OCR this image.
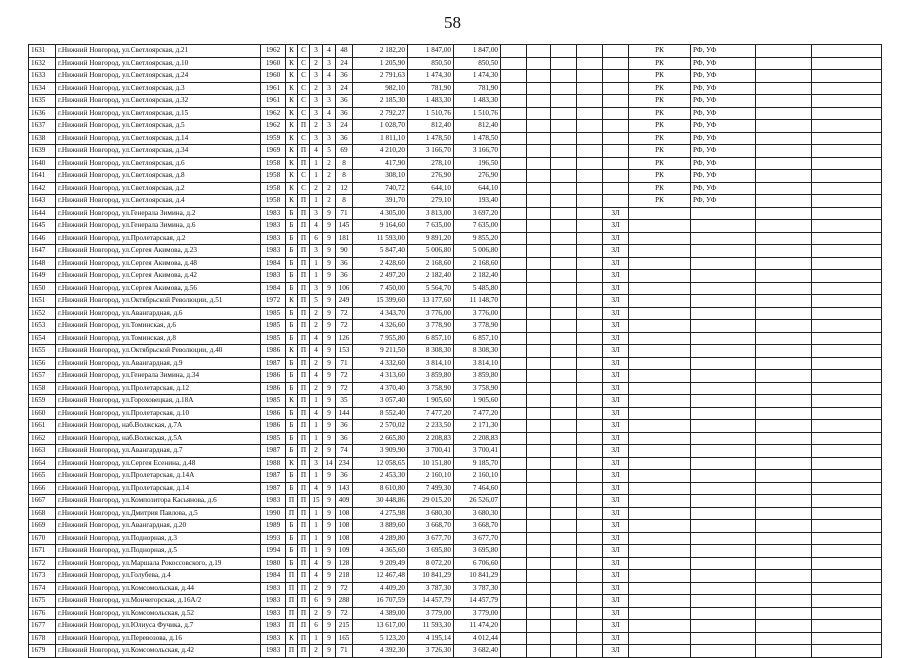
58
1631	г.Нижний Новгород, ул.Светлоярская, д.21	1962	К	С	3	4	48	2 182,20	1 847,00	1 847,00						РК	РФ, УФ		
1632	г.Нижний Новгород, ул.Светлоярская, д.10	1960	К	С	2	3	24	1 205,90	850,50	850,50						РК	РФ, УФ		
1633	г.Нижний Новгород, ул.Светлоярская, д.24	1960	К	С	3	4	36	2 791,63	1 474,30	1 474,30						РК	РФ, УФ		
1634	г.Нижний Новгород, ул.Светлоярская, д.3	1961	К	С	2	3	24	982,10	781,90	781,90						РК	РФ, УФ		
1635	г.Нижний Новгород, ул.Светлоярская, д.32	1961	К	С	3	3	36	2 185,30	1 483,30	1 483,30						РК	РФ, УФ		
1636	г.Нижний Новгород, ул.Светлоярская, д.15	1962	К	С	3	4	36	2 792,27	1 510,76	1 510,76						РК	РФ, УФ		
1637	г.Нижний Новгород, ул.Светлоярская, д.5	1962	К	П	2	3	24	1 028,70	812,40	812,40						РК	РФ, УФ		
1638	г.Нижний Новгород, ул.Светлоярская, д.14	1959	К	С	3	3	36	1 811,10	1 478,50	1 478,50						РК	РФ, УФ		
1639	г.Нижний Новгород, ул.Светлоярская, д.34	1969	К	П	4	5	69	4 210,20	3 166,70	3 166,70						РК	РФ, УФ		
1640	г.Нижний Новгород, ул.Светлоярская, д.6	1958	К	П	1	2	8	417,90	278,10	196,50						РК	РФ, УФ		
1641	г.Нижний Новгород, ул.Светлоярская, д.8	1958	К	С	1	2	8	308,10	276,90	276,90						РК	РФ, УФ		
1642	г.Нижний Новгород, ул.Светлоярская, д.2	1958	К	С	2	2	12	740,72	644,10	644,10						РК	РФ, УФ		
1643	г.Нижний Новгород, ул.Светлоярская, д.4	1958	К	П	1	2	8	391,70	279,10	193,40						РК	РФ, УФ		
1644	г.Нижний Новгород, ул.Генерала Зимина, д.2	1983	Б	П	3	9	71	4 305,00	3 813,00	3 697,20					ЗЛ				
1645	г.Нижний Новгород, ул.Генерала Зимина, д.6	1983	Б	П	4	9	145	9 164,60	7 635,00	7 635,00					ЗЛ				
1646	г.Нижний Новгород, ул.Пролетарская, д.2	1983	Б	П	6	9	181	11 593,00	9 891,20	9 855,20					ЗЛ				
1647	г.Нижний Новгород, ул.Сергея Акимова, д.23	1983	Б	П	3	9	90	5 847,40	5 006,80	5 006,80					ЗЛ				
1648	г.Нижний Новгород, ул.Сергея Акимова, д.48	1984	Б	П	1	9	36	2 428,60	2 168,60	2 168,60					ЗЛ				
1649	г.Нижний Новгород, ул.Сергея Акимова, д.42	1983	Б	П	1	9	36	2 497,20	2 182,40	2 182,40					ЗЛ				
1650	г.Нижний Новгород, ул.Сергея Акимова, д.56	1984	Б	П	3	9	106	7 450,00	5 564,70	5 485,80					ЗЛ				
1651	г.Нижний Новгород, ул.Октябрьской Революции, д.51	1972	К	П	5	9	249	15 399,60	13 177,60	11 148,70					ЗЛ				
1652	г.Нижний Новгород, ул.Авангардная, д.6	1985	Б	П	2	9	72	4 343,70	3 776,00	3 776,00					ЗЛ				
1653	г.Нижний Новгород, ул.Томинская, д.6	1985	Б	П	2	9	72	4 326,60	3 778,90	3 778,90					ЗЛ				
1654	г.Нижний Новгород, ул.Томинская, д.8	1985	Б	П	4	9	126	7 955,80	6 857,10	6 857,10					ЗЛ				
1655	г.Нижний Новгород, ул.Октябрьской Революции, д.40	1986	К	П	4	9	153	9 211,50	8 308,30	8 308,30					ЗЛ				
1656	г.Нижний Новгород, ул.Авангардная, д.9	1987	Б	П	2	9	71	4 332,60	3 814,10	3 814,10					ЗЛ				
1657	г.Нижний Новгород, ул.Генерала Зимина, д.34	1986	Б	П	4	9	72	4 313,60	3 859,80	3 859,80					ЗЛ				
1658	г.Нижний Новгород, ул.Пролетарская, д.12	1986	Б	П	2	9	72	4 370,40	3 758,90	3 758,90					ЗЛ				
1659	г.Нижний Новгород, ул.Гороховецкая, д.18А	1985	К	П	1	9	35	3 057,40	1 905,60	1 905,60					ЗЛ				
1660	г.Нижний Новгород, ул.Пролетарская, д.10	1986	Б	П	4	9	144	8 552,40	7 477,20	7 477,20					ЗЛ				
1661	г.Нижний Новгород, наб.Волжская, д.7А	1986	Б	П	1	9	36	2 570,02	2 233,50	2 171,30					ЗЛ				
1662	г.Нижний Новгород, наб.Волжская, д.5А	1985	Б	П	1	9	36	2 665,80	2 208,83	2 208,83					ЗЛ				
1663	г.Нижний Новгород, ул.Авангардная, д.7	1987	Б	П	2	9	74	3 909,90	3 700,41	3 700,41					ЗЛ				
1664	г.Нижний Новгород, ул.Сергея Есенина, д.48	1988	К	П	3	14	234	12 058,65	10 151,80	9 185,70					ЗЛ				
1665	г.Нижний Новгород, ул.Пролетарская, д.14А	1987	Б	П	1	9	36	2 453,30	2 160,10	2 160,10					ЗЛ				
1666	г.Нижний Новгород, ул.Пролетарская, д.14	1987	Б	П	4	9	143	8 610,80	7 499,30	7 464,60					ЗЛ				
1667	г.Нижний Новгород, ул.Композитора Касьянова, д.6	1983	П	П	15	9	409	30 448,86	29 015,20	26 526,07					ЗЛ				
1668	г.Нижний Новгород, ул.Дмитрия Павлова, д.5	1990	П	П	1	9	108	4 275,98	3 680,30	3 680,30					ЗЛ				
1669	г.Нижний Новгород, ул.Авангардная, д.20	1989	Б	П	1	9	108	3 889,60	3 668,70	3 668,70					ЗЛ				
1670	г.Нижний Новгород, ул.Поднорная, д.3	1993	Б	П	1	9	108	4 289,80	3 677,70	3 677,70					ЗЛ				
1671	г.Нижний Новгород, ул.Поднорная, д.5	1994	Б	П	1	9	109	4 365,60	3 695,80	3 695,80					ЗЛ				
1672	г.Нижний Новгород, ул.Маршала Рокоссовского, д.19	1980	Б	П	4	9	128	9 209,49	8 072,20	6 706,60					ЗЛ				
1673	г.Нижний Новгород, ул.Голубева, д.4	1984	П	П	4	9	218	12 467,48	10 841,29	10 841,29					ЗЛ				
1674	г.Нижний Новгород, ул.Комсомольская, д.44	1983	П	П	2	9	72	4 409,20	3 787,30	3 787,30					ЗЛ				
1675	г.Нижний Новгород, ул.Мончегорская, д.16А/2	1983	П	П	6	9	288	16 707,59	14 457,79	14 457,79					ЗЛ				
1676	г.Нижний Новгород, ул.Комсомольская, д.52	1983	П	П	2	9	72	4 389,00	3 779,00	3 779,00					ЗЛ				
1677	г.Нижний Новгород, ул.Юлиуса Фучика, д.7	1983	П	П	6	9	215	13 617,00	11 593,30	11 474,20					ЗЛ				
1678	г.Нижний Новгород, ул.Перевозова, д.16	1983	К	П	1	9	165	5 123,20	4 195,14	4 012,44					ЗЛ				
1679	г.Нижний Новгород, ул.Комсомольская, д.42	1983	П	П	2	9	71	4 392,30	3 726,30	3 682,40					ЗЛ				
